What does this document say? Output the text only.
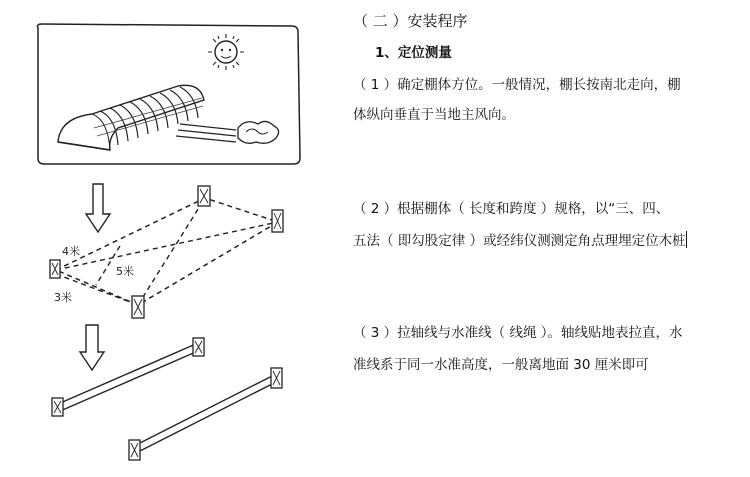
4米
5米
3米
（ 二 ）安装程序
1、定位测量
（ 1 ）确定棚体方位。一般情况，棚长按南北走向，棚
体纵向垂直于当地主风向。
（ 2 ）根据棚体（ 长度和跨度 ）规格，以“三、四、
五法（ 即勾股定律 ）或经纬仪测测定角点理埋定位木桩
（ 3 ）拉轴线与水准线（ 线绳 ）。轴线贴地表拉直，水
准线系于同一水准高度，一般离地面 30 厘米即可
